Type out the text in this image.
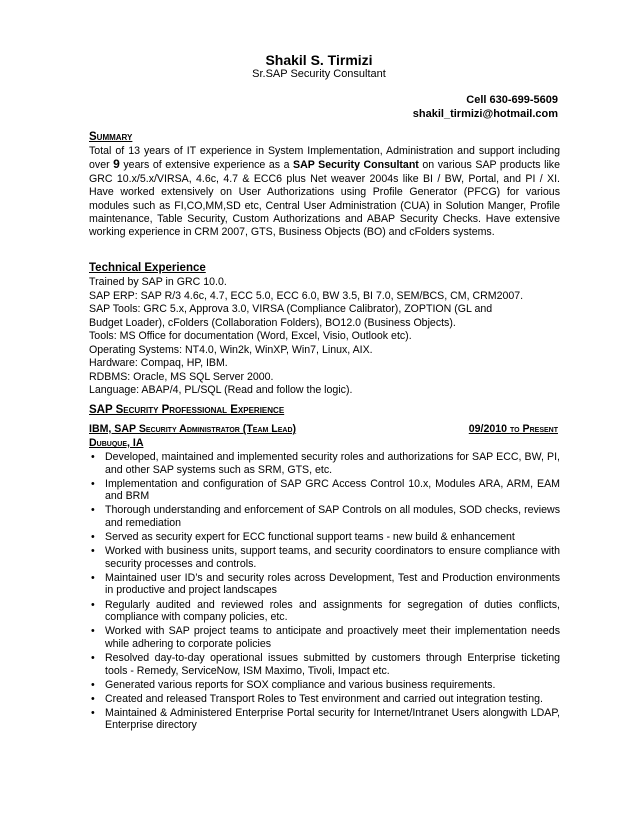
Shakil S. Tirmizi
Sr.SAP Security Consultant
Cell 630-699-5609
shakil_tirmizi@hotmail.com
Summary
Total of 13 years of IT experience in System Implementation, Administration and support including over 9 years of extensive experience as a SAP Security Consultant on various SAP products like GRC 10.x/5.x/VIRSA, 4.6c, 4.7 & ECC6 plus Net weaver 2004s like BI / BW, Portal, and PI / XI. Have worked extensively on User Authorizations using Profile Generator (PFCG) for various modules such as FI,CO,MM,SD etc, Central User Administration (CUA) in Solution Manger, Profile maintenance, Table Security, Custom Authorizations and ABAP Security Checks. Have extensive working experience in CRM 2007, GTS, Business Objects (BO) and cFolders systems.
Technical Experience
Trained by SAP in GRC 10.0.
SAP ERP: SAP R/3 4.6c, 4.7, ECC 5.0, ECC 6.0, BW 3.5, BI 7.0, SEM/BCS, CM, CRM2007.
SAP Tools: GRC 5.x, Approva 3.0, VIRSA (Compliance Calibrator), ZOPTION (GL and
Budget Loader), cFolders (Collaboration Folders), BO12.0 (Business Objects).
Tools: MS Office for documentation (Word, Excel, Visio, Outlook etc).
Operating Systems: NT4.0, Win2k, WinXP, Win7, Linux, AIX.
Hardware: Compaq, HP, IBM.
RDBMS: Oracle, MS SQL Server 2000.
Language: ABAP/4, PL/SQL (Read and follow the logic).
SAP Security Professional Experience
IBM, SAP Security Administrator (Team Lead)	09/2010 to Present
Dubuque, IA
• Developed, maintained and implemented security roles and authorizations for SAP ECC, BW, PI, and other SAP systems such as SRM, GTS, etc.
• Implementation and configuration of SAP GRC Access Control 10.x, Modules ARA, ARM, EAM and BRM
• Thorough understanding and enforcement of SAP Controls on all modules, SOD checks, reviews and remediation
• Served as security expert for ECC functional support teams - new build & enhancement
• Worked with business units, support teams, and security coordinators to ensure compliance with security processes and controls.
• Maintained user ID’s and security roles across Development, Test and Production environments in productive and project landscapes
• Regularly audited and reviewed roles and assignments for segregation of duties conflicts, compliance with company policies, etc.
• Worked with SAP project teams to anticipate and proactively meet their implementation needs while adhering to corporate policies
• Resolved day-to-day operational issues submitted by customers through Enterprise ticketing tools - Remedy, ServiceNow, ISM Maximo, Tivoli, Impact etc.
• Generated various reports for SOX compliance and various business requirements.
• Created and released Transport Roles to Test environment and carried out integration testing.
• Maintained & Administered Enterprise Portal security for Internet/Intranet Users alongwith LDAP, Enterprise directory
